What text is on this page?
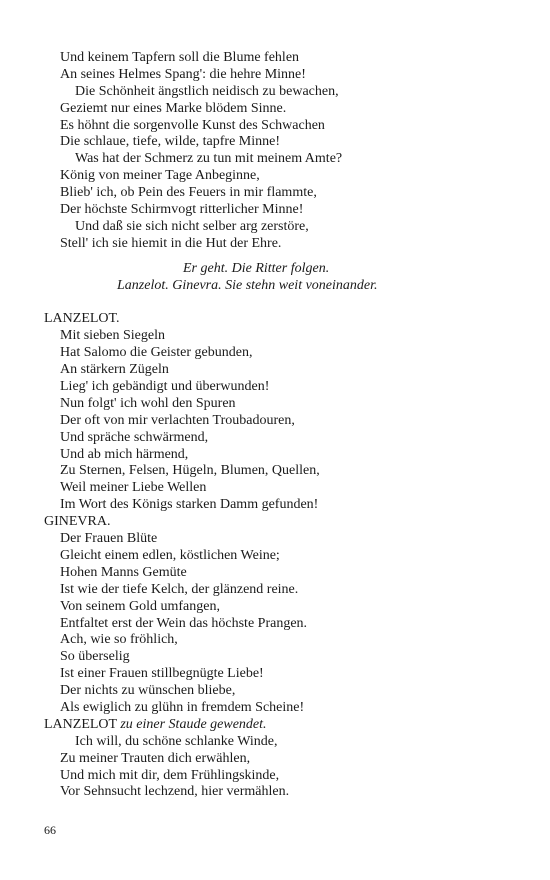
Und keinem Tapfern soll die Blume fehlen
An seines Helmes Spang': die hehre Minne!
Die Schönheit ängstlich neidisch zu bewachen,
Geziemt nur eines Marke blödem Sinne.
Es höhnt die sorgenvolle Kunst des Schwachen
Die schlaue, tiefe, wilde, tapfre Minne!
Was hat der Schmerz zu tun mit meinem Amte?
König von meiner Tage Anbeginne,
Blieb' ich, ob Pein des Feuers in mir flammte,
Der höchste Schirmvogt ritterlicher Minne!
Und daß sie sich nicht selber arg zerstöre,
Stell' ich sie hiemit in die Hut der Ehre.
Er geht. Die Ritter folgen.
Lanzelot. Ginevra. Sie stehn weit voneinander.
LANZELOT.
Mit sieben Siegeln
Hat Salomo die Geister gebunden,
An stärkern Zügeln
Lieg' ich gebändigt und überwunden!
Nun folgt' ich wohl den Spuren
Der oft von mir verlachten Troubadouren,
Und spräche schwärmend,
Und ab mich härmend,
Zu Sternen, Felsen, Hügeln, Blumen, Quellen,
Weil meiner Liebe Wellen
Im Wort des Königs starken Damm gefunden!
GINEVRA.
Der Frauen Blüte
Gleicht einem edlen, köstlichen Weine;
Hohen Manns Gemüte
Ist wie der tiefe Kelch, der glänzend reine.
Von seinem Gold umfangen,
Entfaltet erst der Wein das höchste Prangen.
Ach, wie so fröhlich,
So überselig
Ist einer Frauen stillbegnügte Liebe!
Der nichts zu wünschen bliebe,
Als ewiglich zu glühn in fremdem Scheine!
LANZELOT zu einer Staude gewendet.
Ich will, du schöne schlanke Winde,
Zu meiner Trauten dich erwählen,
Und mich mit dir, dem Frühlingskinde,
Vor Sehnsucht lechzend, hier vermählen.
66
